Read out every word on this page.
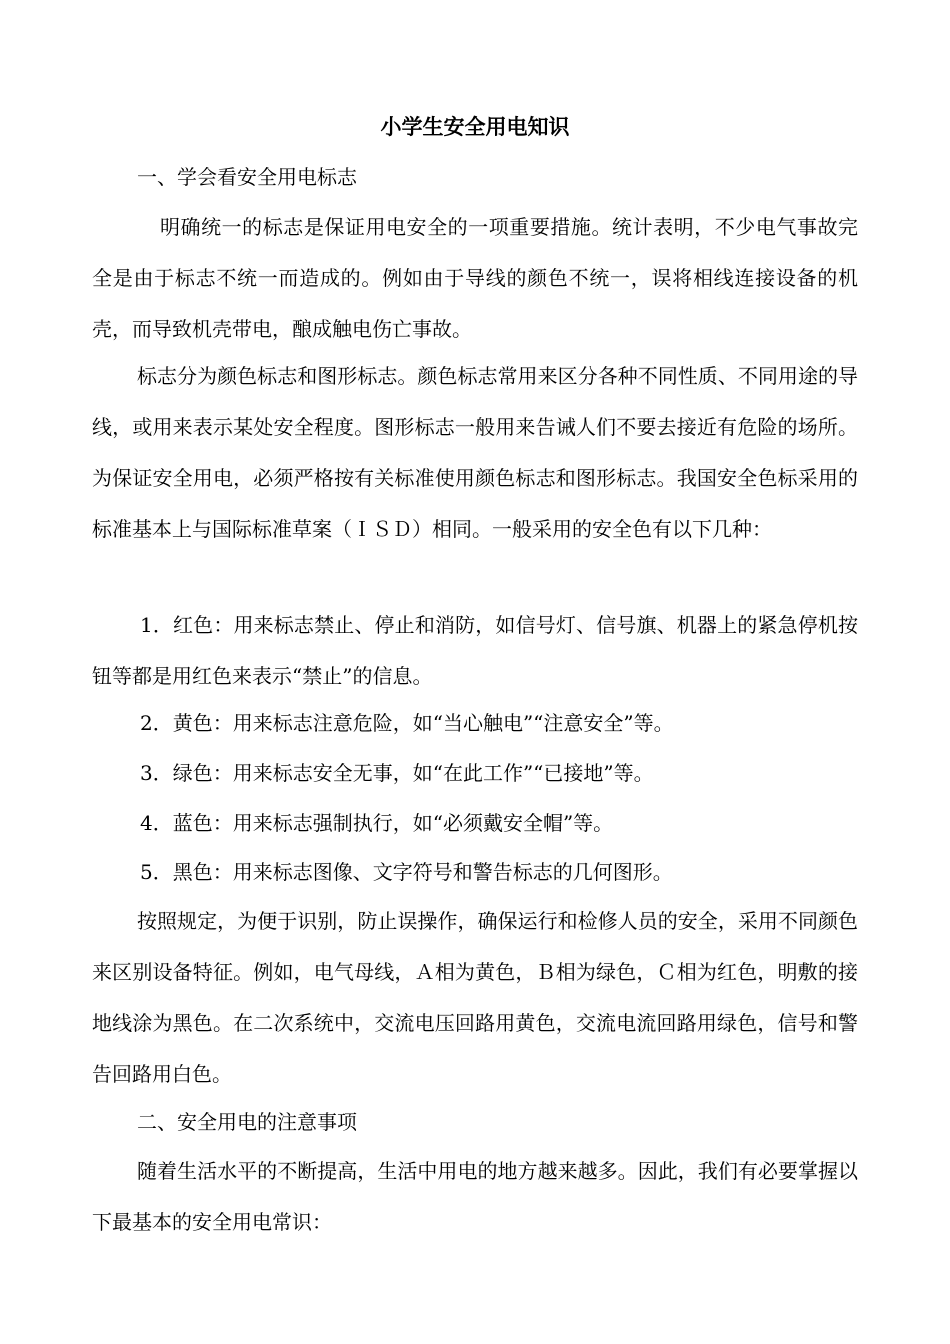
小学生安全用电知识
一、学会看安全用电标志

明确统一的标志是保证用电安全的一项重要措施。统计表明，不少电气事故完全是由于标志不统一而造成的。例如由于导线的颜色不统一，误将相线连接设备的机壳，而导致机壳带电，酿成触电伤亡事故。

标志分为颜色标志和图形标志。颜色标志常用来区分各种不同性质、不同用途的导线，或用来表示某处安全程度。图形标志一般用来告诫人们不要去接近有危险的场所。为保证安全用电，必须严格按有关标准使用颜色标志和图形标志。我国安全色标采用的标准基本上与国际标准草案（ＩＳＤ）相同。一般采用的安全色有以下几种：

1．红色：用来标志禁止、停止和消防，如信号灯、信号旗、机器上的紧急停机按钮等都是用红色来表示“禁止”的信息。

2．黄色：用来标志注意危险，如“当心触电”“注意安全”等。

3．绿色：用来标志安全无事，如“在此工作”“已接地”等。

4．蓝色：用来标志强制执行，如“必须戴安全帽”等。

5．黑色：用来标志图像、文字符号和警告标志的几何图形。

按照规定，为便于识别，防止误操作，确保运行和检修人员的安全，采用不同颜色来区别设备特征。例如，电气母线，Ａ相为黄色，Ｂ相为绿色，Ｃ相为红色，明敷的接地线涂为黑色。在二次系统中，交流电压回路用黄色，交流电流回路用绿色，信号和警告回路用白色。

二、安全用电的注意事项

随着生活水平的不断提高，生活中用电的地方越来越多。因此，我们有必要掌握以下最基本的安全用电常识：
